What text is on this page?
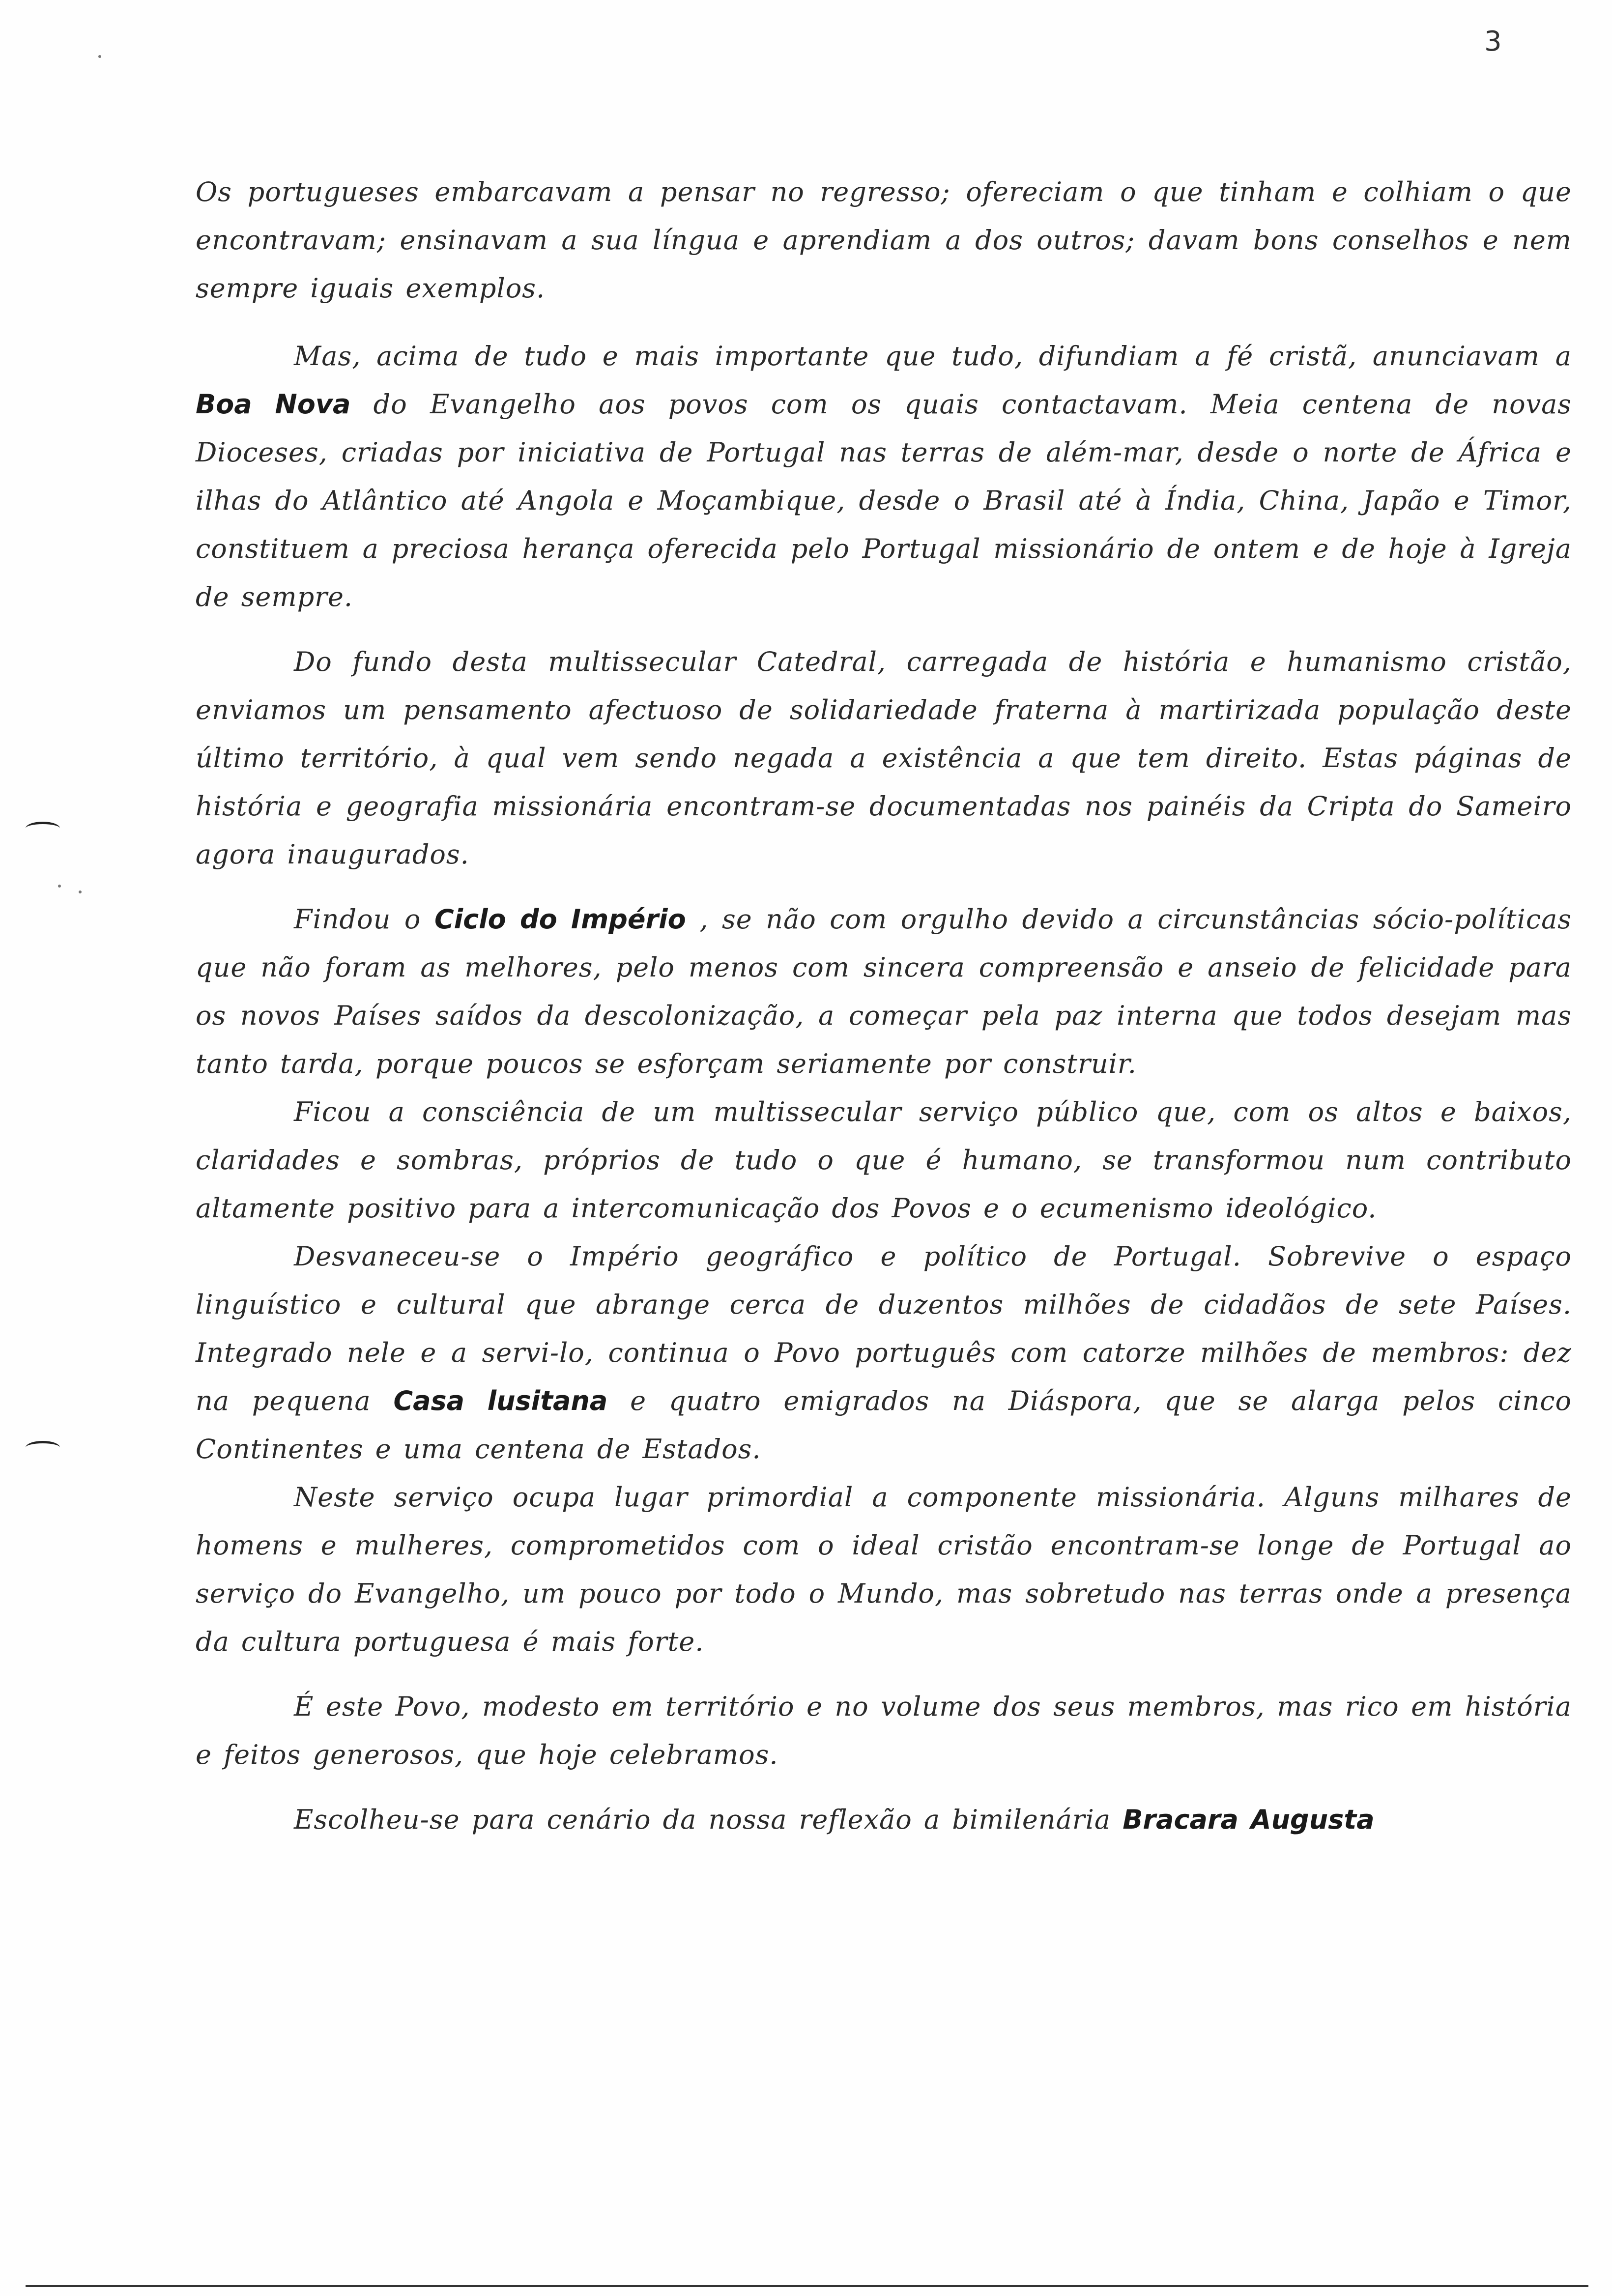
3

Os portugueses embarcavam a pensar no regresso; ofereciam o que tinham e colhiam o que encontravam; ensinavam a sua língua e aprendiam a dos outros; davam bons conselhos e nem sempre iguais exemplos.

Mas, acima de tudo e mais importante que tudo, difundiam a fé cristã, anunciavam a Boa Nova do Evangelho aos povos com os quais contactavam. Meia centena de novas Dioceses, criadas por iniciativa de Portugal nas terras de além-mar, desde o norte de África e ilhas do Atlântico até Angola e Moçambique, desde o Brasil até à Índia, China, Japão e Timor, constituem a preciosa herança oferecida pelo Portugal missionário de ontem e de hoje à Igreja de sempre.

Do fundo desta multissecular Catedral, carregada de história e humanismo cristão, enviamos um pensamento afectuoso de solidariedade fraterna à martirizada população deste último território, à qual vem sendo negada a existência a que tem direito. Estas páginas de história e geografia missionária encontram-se documentadas nos painéis da Cripta do Sameiro agora inaugurados.

Findou o Ciclo do Império , se não com orgulho devido a circunstâncias sócio-políticas que não foram as melhores, pelo menos com sincera compreensão e anseio de felicidade para os novos Países saídos da descolonização, a começar pela paz interna que todos desejam mas tanto tarda, porque poucos se esforçam seriamente por construir.

Ficou a consciência de um multissecular serviço público que, com os altos e baixos, claridades e sombras, próprios de tudo o que é humano, se transformou num contributo altamente positivo para a intercomunicação dos Povos e o ecumenismo ideológico.

Desvaneceu-se o Império geográfico e político de Portugal. Sobrevive o espaço linguístico e cultural que abrange cerca de duzentos milhões de cidadãos de sete Países. Integrado nele e a servi-lo, continua o Povo português com catorze milhões de membros: dez na pequena Casa lusitana e quatro emigrados na Diáspora, que se alarga pelos cinco Continentes e uma centena de Estados.

Neste serviço ocupa lugar primordial a componente missionária. Alguns milhares de homens e mulheres, comprometidos com o ideal cristão encontram-se longe de Portugal ao serviço do Evangelho, um pouco por todo o Mundo, mas sobretudo nas terras onde a presença da cultura portuguesa é mais forte.

É este Povo, modesto em território e no volume dos seus membros, mas rico em história e feitos generosos, que hoje celebramos.

Escolheu-se para cenário da nossa reflexão a bimilenária Bracara Augusta
